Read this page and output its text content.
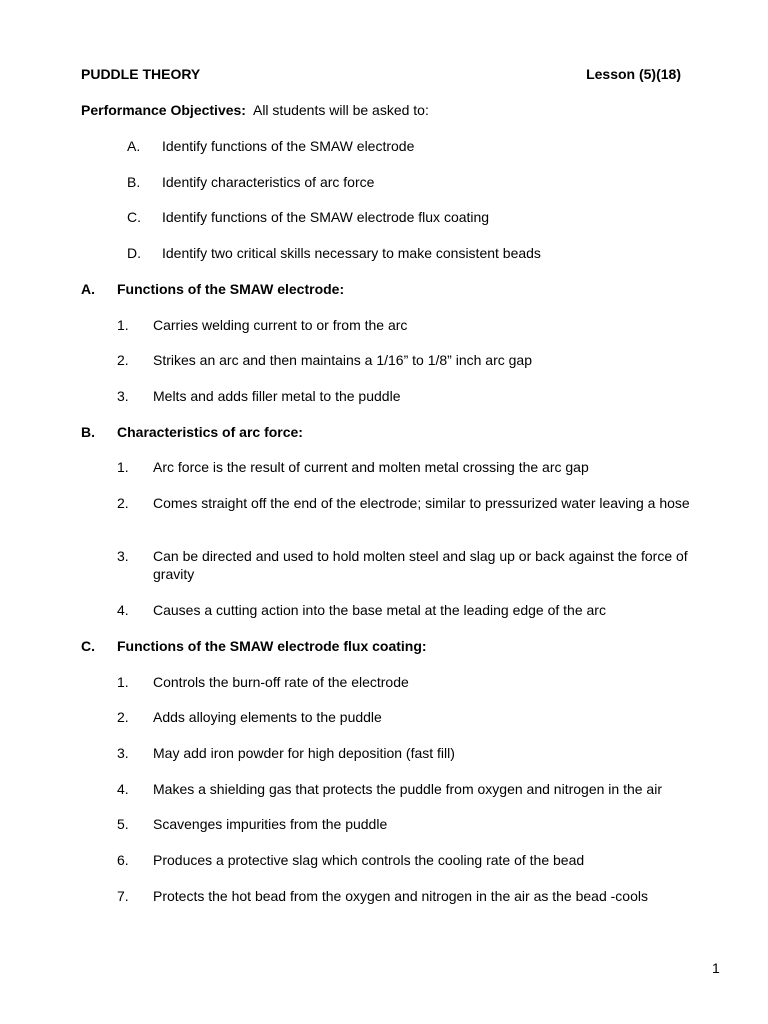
PUDDLE THEORY	Lesson (5)(18)
Performance Objectives: All students will be asked to:
A. Identify functions of the SMAW electrode
B. Identify characteristics of arc force
C. Identify functions of the SMAW electrode flux coating
D. Identify two critical skills necessary to make consistent beads
A. Functions of the SMAW electrode:
1. Carries welding current to or from the arc
2. Strikes an arc and then maintains a 1/16” to 1/8” inch arc gap
3. Melts and adds filler metal to the puddle
B. Characteristics of arc force:
1. Arc force is the result of current and molten metal crossing the arc gap
2. Comes straight off the end of the electrode; similar to pressurized water leaving a hose
3. Can be directed and used to hold molten steel and slag up or back against the force of gravity
4. Causes a cutting action into the base metal at the leading edge of the arc
C. Functions of the SMAW electrode flux coating:
1. Controls the burn-off rate of the electrode
2. Adds alloying elements to the puddle
3. May add iron powder for high deposition (fast fill)
4. Makes a shielding gas that protects the puddle from oxygen and nitrogen in the air
5. Scavenges impurities from the puddle
6. Produces a protective slag which controls the cooling rate of the bead
7. Protects the hot bead from the oxygen and nitrogen in the air as the bead -cools
1
